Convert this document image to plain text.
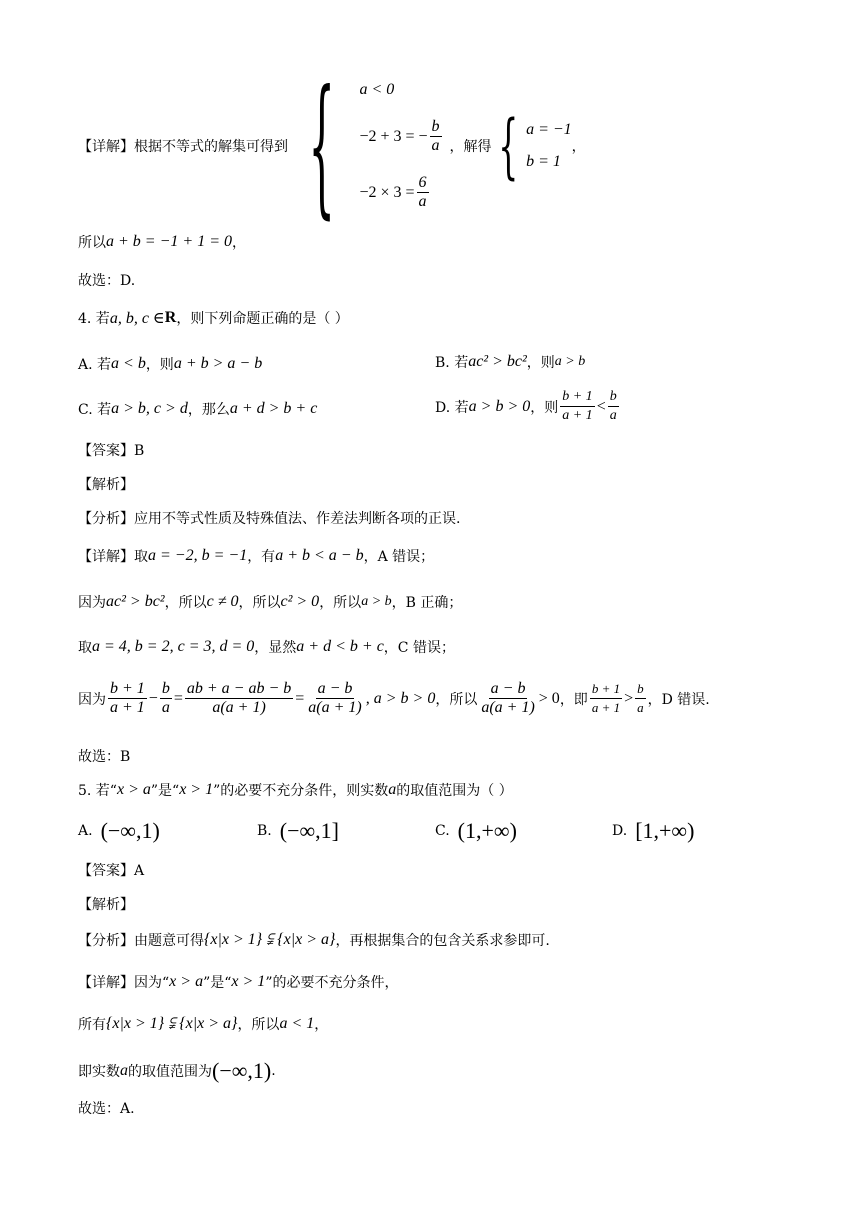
【详解】 根据不等式的解集可得到 { a < 0
−2 + 3 = − $\frac{b}{a}$
$-2 \times 3 = \frac{6}{a}$
，解得 { a = −1
b = 1
，
所以 a + b = −1 + 1 = 0 ，
故选：D.
4. 若 a, b, c ∈ R ，则下列命题正确的是（ ）
A. 若 a < b ，则 a + b > a − b	B. 若 ac² > bc² ，则 a > b
C. 若 a > b, c > d ，那么 a + d > b + c	D. 若 a > b > 0 ，则 $\frac{b + 1}{a + 1} < \frac{b}{a}$
【答案】B
【解析】
【分析】应用不等式性质及特殊值法、作差法判断各项的正误.
【详解】取 a = −2, b = −1 ，有 a + b < a − b ，A 错误；
因为 ac² > bc² ，所以 c ≠ 0 ，所以 c² > 0 ，所以 a > b ，B 正确；
取 a = 4, b = 2, c = 3, d = 0 ，显然 a + d < b + c ，C 错误；
因为 $\frac{b + 1}{a + 1} - \frac{b}{a} = \frac{ab + a - ab - b}{a(a + 1)} = \frac{a - b}{a(a + 1)}$ , a > b > 0 ，所以 $\frac{a - b}{a(a + 1)} > 0$ ，即 $\frac{b + 1}{a + 1} > \frac{b}{a}$ ，D 错误.
故选：B
5. 若“ x > a ”是“ x > 1 ”的必要不充分条件，则实数 a 的取值范围为（ ）
A. (−∞,1)	B. (−∞,1]	C. (1,+∞)	D. [1,+∞)
【答案】A
【解析】
【分析】由题意可得 {x|x > 1} ⫋ {x|x > a} ，再根据集合的包含关系求参即可.
【详解】因为“ x > a ”是“ x > 1 ”的必要不充分条件，
所有 {x|x > 1} ⫋ {x|x > a} ，所以 a < 1 ，
即实数 a 的取值范围为 (−∞,1) .
故选：A.
